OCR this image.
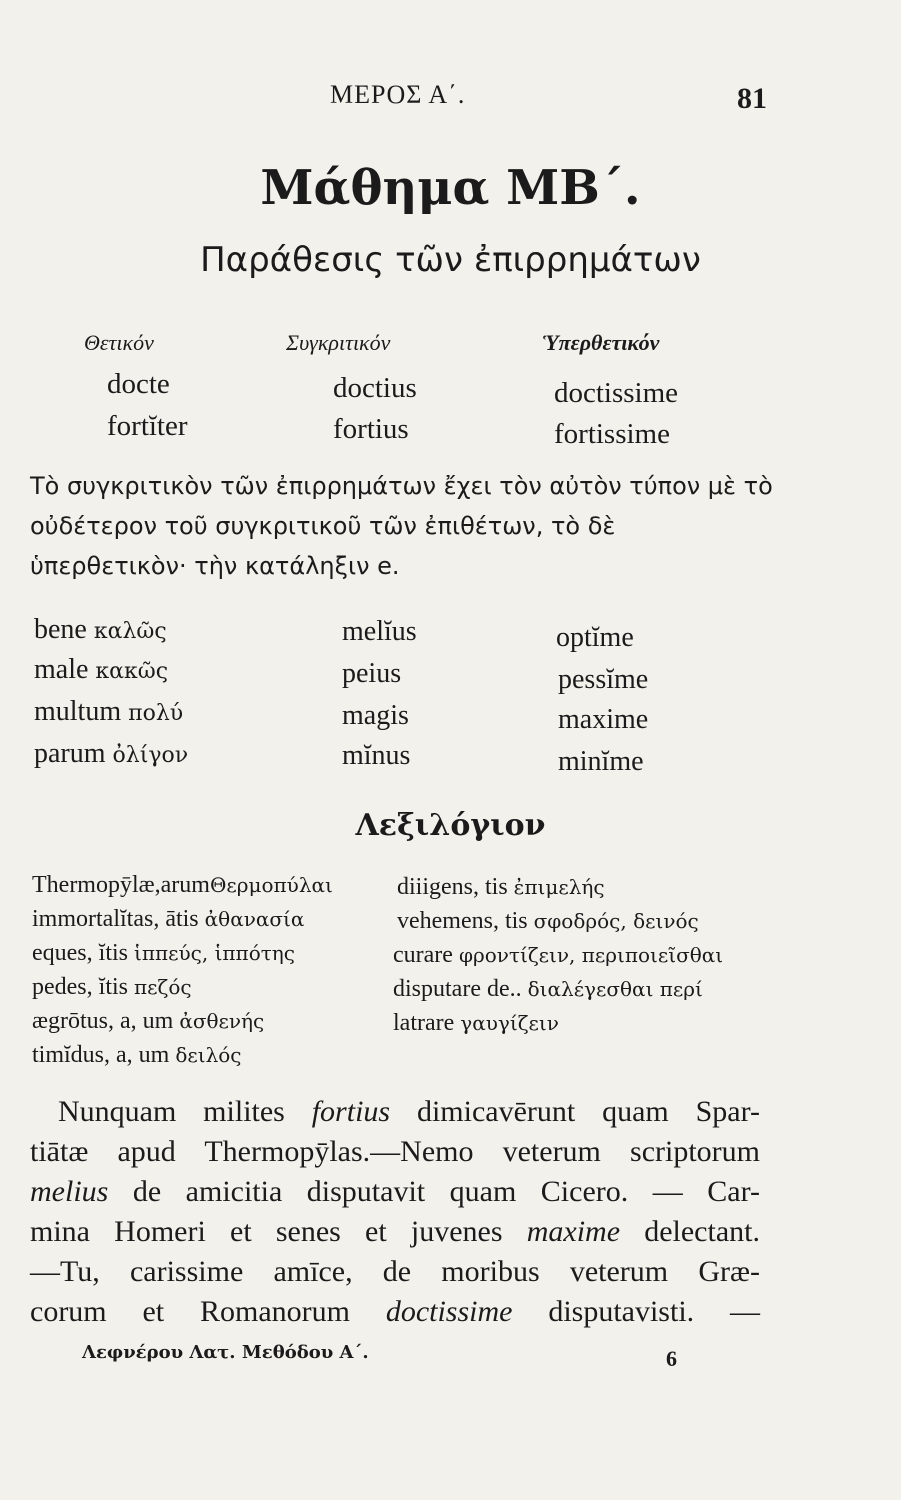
ΜΕΡΟΣ Α΄.	81
Μάθημα ΜΒ΄.
Παράθεσις τῶν ἐπιρρημάτων
Θετικόν	Συγκριτικόν	Ὑπερθετικόν
docte	doctius	doctissime
fortĭter	fortius	fortissime
Τὸ συγκριτικὸν τῶν ἐπιρρημάτων ἔχει τὸν αὐτὸν τύπον μὲ τὸ οὐδέτερον τοῦ συγκριτικοῦ τῶν ἐπιθέτων, τὸ δὲ ὑπερθετικὸν· τὴν κατάληξιν e.
bene καλῶς	melĭus	optĭme
male κακῶς	peius	pessĭme
multum πολύ	magis	maxime
parum ὀλίγον	mĭnus	minĭme
Λεξιλόγιον
Thermopȳlæ,arumΘερμοπύλαι
immortalĭtas, ātis ἀθανασία
eques, ĭtis ἱππεύς, ἱππότης
pedes, ĭtis πεζός
ægrōtus, a, um ἀσθενής
timĭdus, a, um δειλός
diiigens, tis ἐπιμελής
vehemens, tis σφοδρός, δεινός
curare φροντίζειν, περιποιεῖσθαι
disputare de.. διαλέγεσθαι περί
latrare γαυγίζειν
Nunquam milites fortius dimicavērunt quam Spar-
tiātæ apud Thermopȳlas.—Nemo veterum scriptorum
melius de amicitia disputavit quam Cicero. — Car-
mina Homeri et senes et juvenes maxime delectant.
—Tu, carissime amīce, de moribus veterum Græ-
corum et Romanorum doctissime disputavisti. —
Λεφνέρου Λατ. Μεθόδου Α΄.	6
